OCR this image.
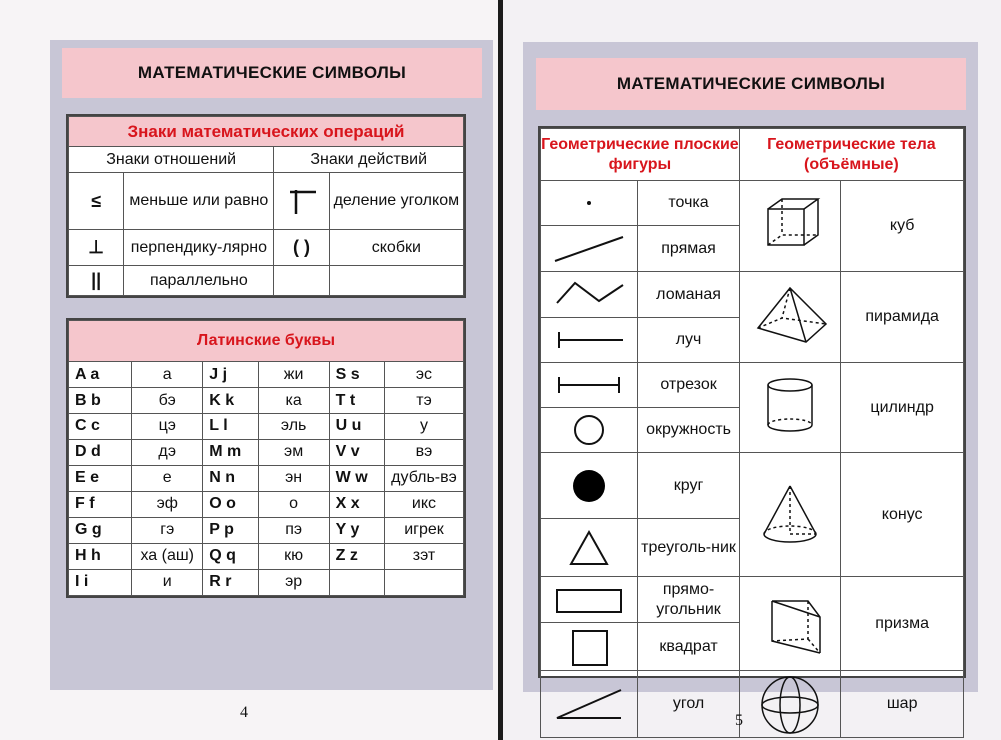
МАТЕМАТИЧЕСКИЕ СИМВОЛЫ
Знаки математических операций			
Знаки отношений		Знаки действий	
≤	меньше или равно		деление уголком
⊥	перпендику-лярно	( )	скобки
||	параллельно		
Латинские буквы					
A a	а	J j	жи	S s	эс
B b	бэ	K k	ка	T t	тэ
C c	цэ	L l	эль	U u	у
D d	дэ	M m	эм	V v	вэ
E e	е	N n	эн	W w	дубль-вэ
F f	эф	O o	о	X x	икс
G g	гэ	P p	пэ	Y y	игрек
H h	ха (аш)	Q q	кю	Z z	зэт
I i	и	R r	эр		
4
МАТЕМАТИЧЕСКИЕ СИМВОЛЫ
Геометрические плоские фигуры		Геометрические тела (объёмные)	

	точка		куб

	прямая		

	ломаная		пирамида

	луч		

	отрезок		цилиндр

	окружность		

	круг		конус

	треуголь-ник		

	прямо-угольник		призма

	квадрат		

	угол		шар
5
